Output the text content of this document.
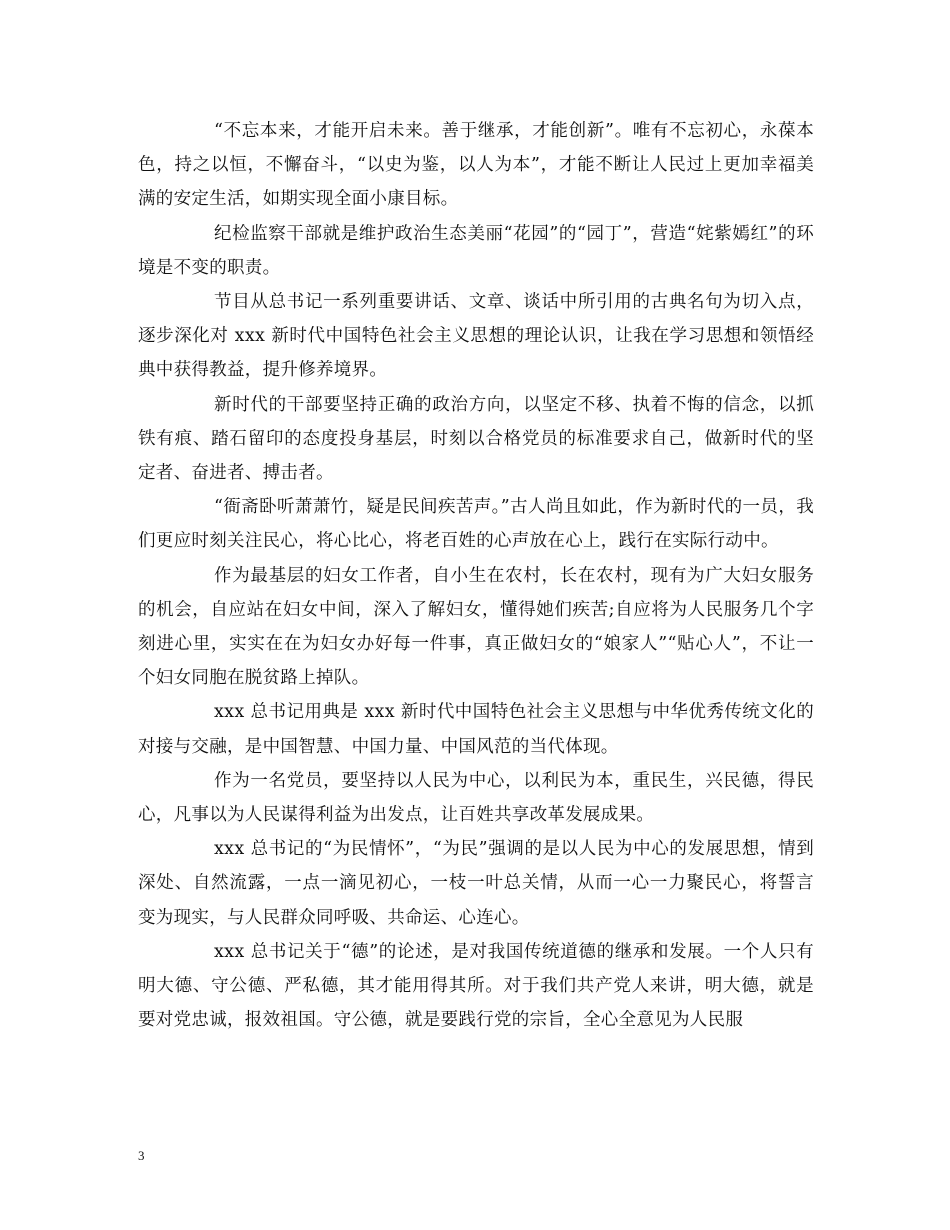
“不忘本来，才能开启未来。善于继承，才能创新”。唯有不忘初心，永葆本色，持之以恒，不懈奋斗，“以史为鉴，以人为本”，才能不断让人民过上更加幸福美满的安定生活，如期实现全面小康目标。

纪检监察干部就是维护政治生态美丽“花园”的“园丁”，营造“姹紫嫣红”的环境是不变的职责。

节目从总书记一系列重要讲话、文章、谈话中所引用的古典名句为切入点，逐步深化对 xxx 新时代中国特色社会主义思想的理论认识，让我在学习思想和领悟经典中获得教益，提升修养境界。

新时代的干部要坚持正确的政治方向，以坚定不移、执着不悔的信念，以抓铁有痕、踏石留印的态度投身基层，时刻以合格党员的标准要求自己，做新时代的坚定者、奋进者、搏击者。

“衙斋卧听萧萧竹，疑是民间疾苦声。”古人尚且如此，作为新时代的一员，我们更应时刻关注民心，将心比心，将老百姓的心声放在心上，践行在实际行动中。

作为最基层的妇女工作者，自小生在农村，长在农村，现有为广大妇女服务的机会，自应站在妇女中间，深入了解妇女，懂得她们疾苦;自应将为人民服务几个字刻进心里，实实在在为妇女办好每一件事，真正做妇女的“娘家人”“贴心人”，不让一个妇女同胞在脱贫路上掉队。

xxx 总书记用典是 xxx 新时代中国特色社会主义思想与中华优秀传统文化的对接与交融，是中国智慧、中国力量、中国风范的当代体现。

作为一名党员，要坚持以人民为中心，以利民为本，重民生，兴民德，得民心，凡事以为人民谋得利益为出发点，让百姓共享改革发展成果。

xxx 总书记的“为民情怀”，“为民”强调的是以人民为中心的发展思想，情到深处、自然流露，一点一滴见初心，一枝一叶总关情，从而一心一力聚民心，将誓言变为现实，与人民群众同呼吸、共命运、心连心。

xxx 总书记关于“德”的论述，是对我国传统道德的继承和发展。一个人只有明大德、守公德、严私德，其才能用得其所。对于我们共产党人来讲，明大德，就是要对党忠诚，报效祖国。守公德，就是要践行党的宗旨，全心全意见为人民服

3
